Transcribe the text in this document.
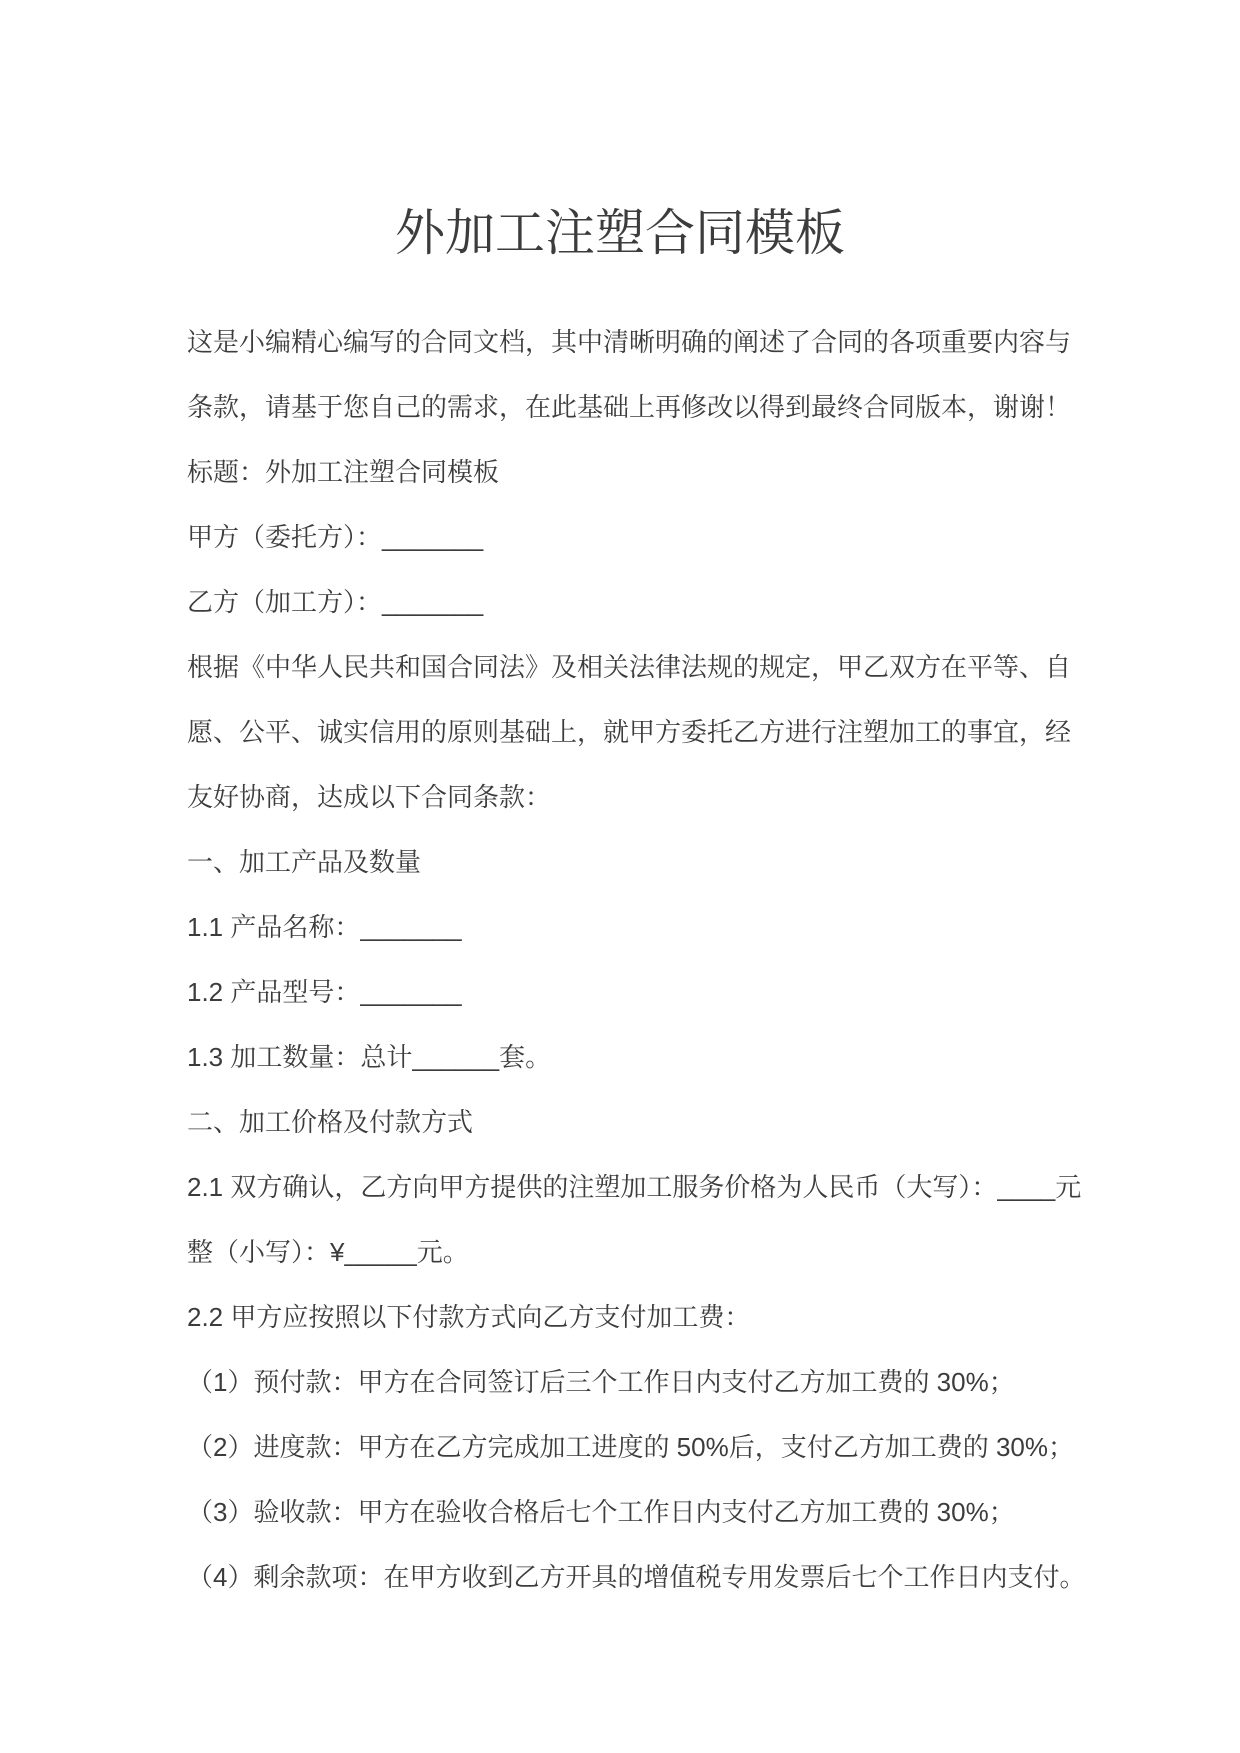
外加工注塑合同模板
这是小编精心编写的合同文档，其中清晰明确的阐述了合同的各项重要内容与
条款，请基于您自己的需求，在此基础上再修改以得到最终合同版本，谢谢！
标题：外加工注塑合同模板
甲方（委托方）：_______
乙方（加工方）：_______
根据《中华人民共和国合同法》及相关法律法规的规定，甲乙双方在平等、自
愿、公平、诚实信用的原则基础上，就甲方委托乙方进行注塑加工的事宜，经
友好协商，达成以下合同条款：
一、加工产品及数量
1.1 产品名称：_______
1.2 产品型号：_______
1.3 加工数量：总计______套。
二、加工价格及付款方式
2.1 双方确认，乙方向甲方提供的注塑加工服务价格为人民币（大写）：____元
整（小写）：¥_____元。
2.2 甲方应按照以下付款方式向乙方支付加工费：
（1）预付款：甲方在合同签订后三个工作日内支付乙方加工费的 30%；
（2）进度款：甲方在乙方完成加工进度的 50%后，支付乙方加工费的 30%；
（3）验收款：甲方在验收合格后七个工作日内支付乙方加工费的 30%；
（4）剩余款项：在甲方收到乙方开具的增值税专用发票后七个工作日内支付。
